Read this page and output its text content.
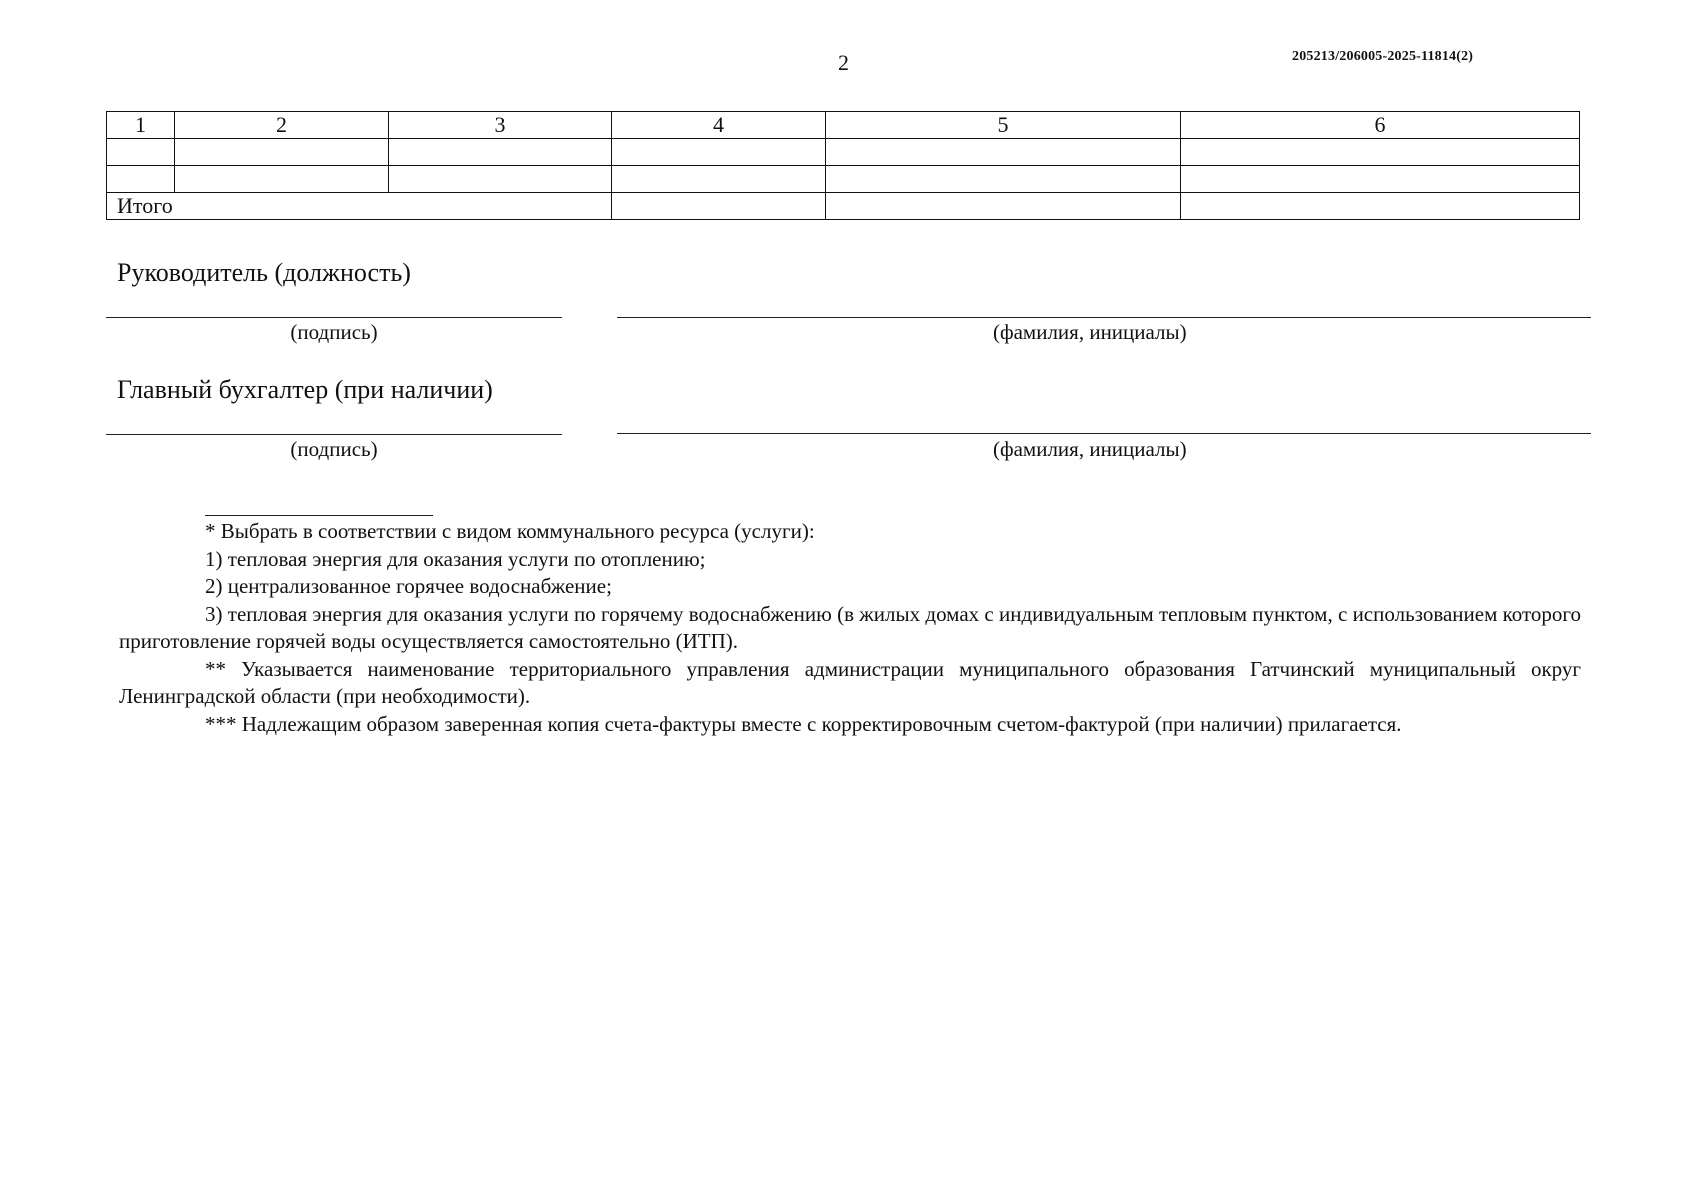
2	205213/206005-2025-11814(2)
1	2	3	4	5	6

Итого					
Руководитель (должность)
(подпись)	(фамилия, инициалы)
Главный бухгалтер (при наличии)
(подпись)	(фамилия, инициалы)

* Выбрать в соответствии с видом коммунального ресурса (услуги):

1) тепловая энергия для оказания услуги по отоплению;

2) централизованное горячее водоснабжение;

3) тепловая энергия для оказания услуги по горячему водоснабжению (в жилых домах с индивидуальным тепловым пунктом, с использованием которого приготовление горячей воды осуществляется самостоятельно (ИТП).

** Указывается наименование территориального управления администрации муниципального образования Гатчинский муниципальный округ Ленинградской области (при необходимости).

*** Надлежащим образом заверенная копия счета-фактуры вместе с корректировочным счетом-фактурой (при наличии) прилагается.
